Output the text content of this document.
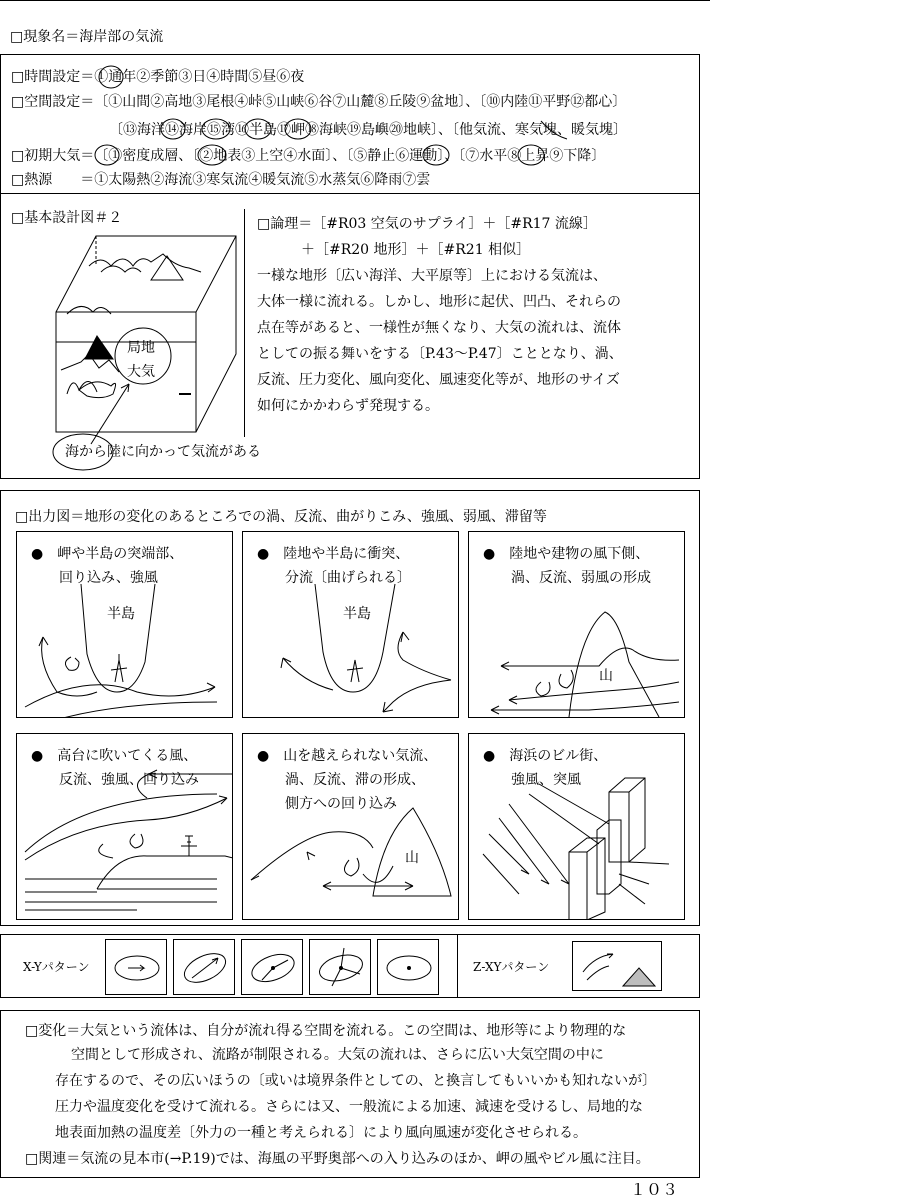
□現象名＝海岸部の気流
□時間設定＝①通年②季節③日④時間⑤昼⑥夜
□空間設定＝〔①山間②高地③尾根④峠⑤山峡⑥谷⑦山麓⑧丘陵⑨盆地〕、〔⑩内陸⑪平野⑫都心〕
〔⑬海洋⑭海岸⑮湾⑯半島⑰岬⑱海峡⑲島嶼⑳地峡〕、〔他気流、寒気塊、暖気塊〕
□初期大気＝〔①密度成層、〔②地表③上空④水面〕、〔⑤静止⑥運動〕、〔⑦水平⑧上昇⑨下降〕
□熱源　　＝①太陽熱②海流③寒気流④暖気流⑤水蒸気⑥降雨⑦雲
□基本設計図＃２
局地
大気
海から陸に向かって気流がある
□論理＝［#R03 空気のサプライ］＋［#R17 流線］
＋［#R20 地形］＋［#R21 相似］
一様な地形〔広い海洋、大平原等〕上における気流は、
大体一様に流れる。しかし、地形に起伏、凹凸、それらの
点在等があると、一様性が無くなり、大気の流れは、流体
としての振る舞いをする〔P.43～P.47〕こととなり、渦、
反流、圧力変化、風向変化、風速変化等が、地形のサイズ
如何にかかわらず発現する。
□出力図＝地形の変化のあるところでの渦、反流、曲がりこみ、強風、弱風、滞留等
●　岬や半島の突端部、
　　回り込み、強風
半島
●　陸地や半島に衝突、
　　分流〔曲げられる〕
半島
●　陸地や建物の風下側、
　　渦、反流、弱風の形成
山
●　高台に吹いてくる風、
　　反流、強風、回り込み
●　山を越えられない気流、
　　渦、反流、滞の形成、
　　側方への回り込み
山
●　海浜のビル街、
　　強風、突風
X-Yパターン	Z-XYパターン
□変化＝大気という流体は、自分が流れ得る空間を流れる。この空間は、地形等により物理的な
　　　空間として形成され、流路が制限される。大気の流れは、さらに広い大気空間の中に
存在するので、その広いほうの〔或いは境界条件としての、と換言してもいいかも知れないが〕
圧力や温度変化を受けて流れる。さらには又、一般流による加速、減速を受けるし、局地的な
地表面加熱の温度差〔外力の一種と考えられる〕により風向風速が変化させられる。
□関連＝気流の見本市(→P.19)では、海風の平野奥部への入り込みのほか、岬の風やビル風に注目。
１０３
